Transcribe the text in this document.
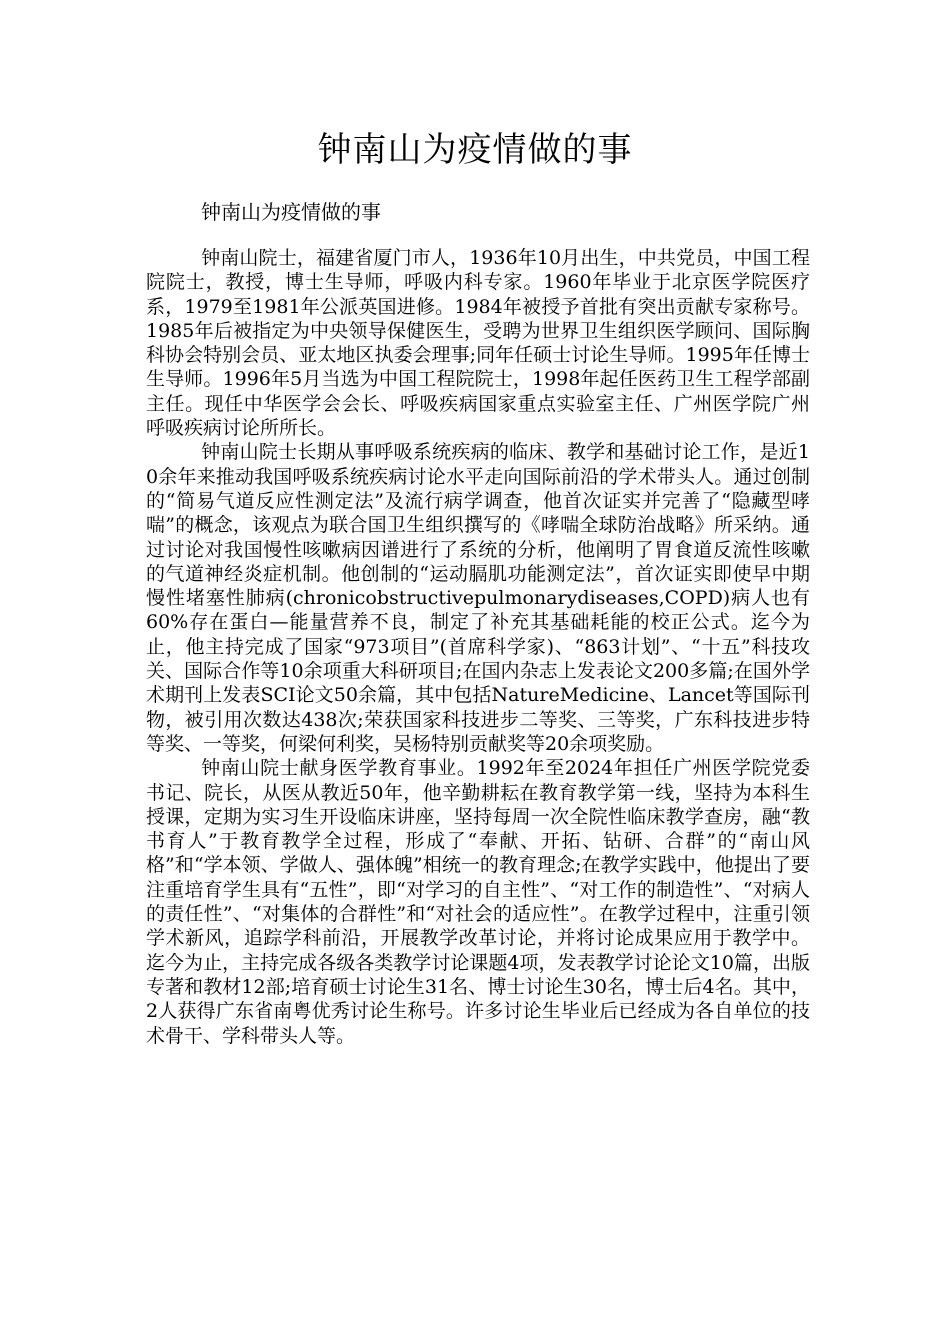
钟南山为疫情做的事

钟南山为疫情做的事

钟南山院士，福建省厦门市人，1936年10月出生，中共党员，中国工程院院士，教授，博士生导师，呼吸内科专家。1960年毕业于北京医学院医疗系，1979至1981年公派英国进修。1984年被授予首批有突出贡献专家称号。1985年后被指定为中央领导保健医生，受聘为世界卫生组织医学顾问、国际胸科协会特别会员、亚太地区执委会理事;同年任硕士讨论生导师。1995年任博士生导师。1996年5月当选为中国工程院院士，1998年起任医药卫生工程学部副主任。现任中华医学会会长、呼吸疾病国家重点实验室主任、广州医学院广州呼吸疾病讨论所所长。

钟南山院士长期从事呼吸系统疾病的临床、教学和基础讨论工作，是近10余年来推动我国呼吸系统疾病讨论水平走向国际前沿的学术带头人。通过创制的“简易气道反应性测定法”及流行病学调查，他首次证实并完善了“隐藏型哮喘”的概念，该观点为联合国卫生组织撰写的《哮喘全球防治战略》所采纳。通过讨论对我国慢性咳嗽病因谱进行了系统的分析，他阐明了胃食道反流性咳嗽的气道神经炎症机制。他创制的“运动膈肌功能测定法”，首次证实即使早中期慢性堵塞性肺病(chronicobstructivepulmonarydiseases,COPD)病人也有60%存在蛋白—能量营养不良，制定了补充其基础耗能的校正公式。迄今为止，他主持完成了国家“973项目”(首席科学家)、“863计划”、“十五”科技攻关、国际合作等10余项重大科研项目;在国内杂志上发表论文200多篇;在国外学术期刊上发表SCI论文50余篇，其中包括NatureMedicine、Lancet等国际刊物，被引用次数达438次;荣获国家科技进步二等奖、三等奖，广东科技进步特等奖、一等奖，何梁何利奖，吴杨特别贡献奖等20余项奖励。

钟南山院士献身医学教育事业。1992年至2024年担任广州医学院党委书记、院长，从医从教近50年，他辛勤耕耘在教育教学第一线，坚持为本科生授课，定期为实习生开设临床讲座，坚持每周一次全院性临床教学查房，融“教书育人”于教育教学全过程，形成了“奉献、开拓、钻研、合群”的“南山风格”和“学本领、学做人、强体魄”相统一的教育理念;在教学实践中，他提出了要注重培育学生具有“五性”，即“对学习的自主性”、“对工作的制造性”、“对病人的责任性”、“对集体的合群性”和“对社会的适应性”。在教学过程中，注重引领学术新风，追踪学科前沿，开展教学改革讨论，并将讨论成果应用于教学中。迄今为止，主持完成各级各类教学讨论课题4项，发表教学讨论论文10篇，出版专著和教材12部;培育硕士讨论生31名、博士讨论生30名，博士后4名。其中，2人获得广东省南粤优秀讨论生称号。许多讨论生毕业后已经成为各自单位的技术骨干、学科带头人等。
